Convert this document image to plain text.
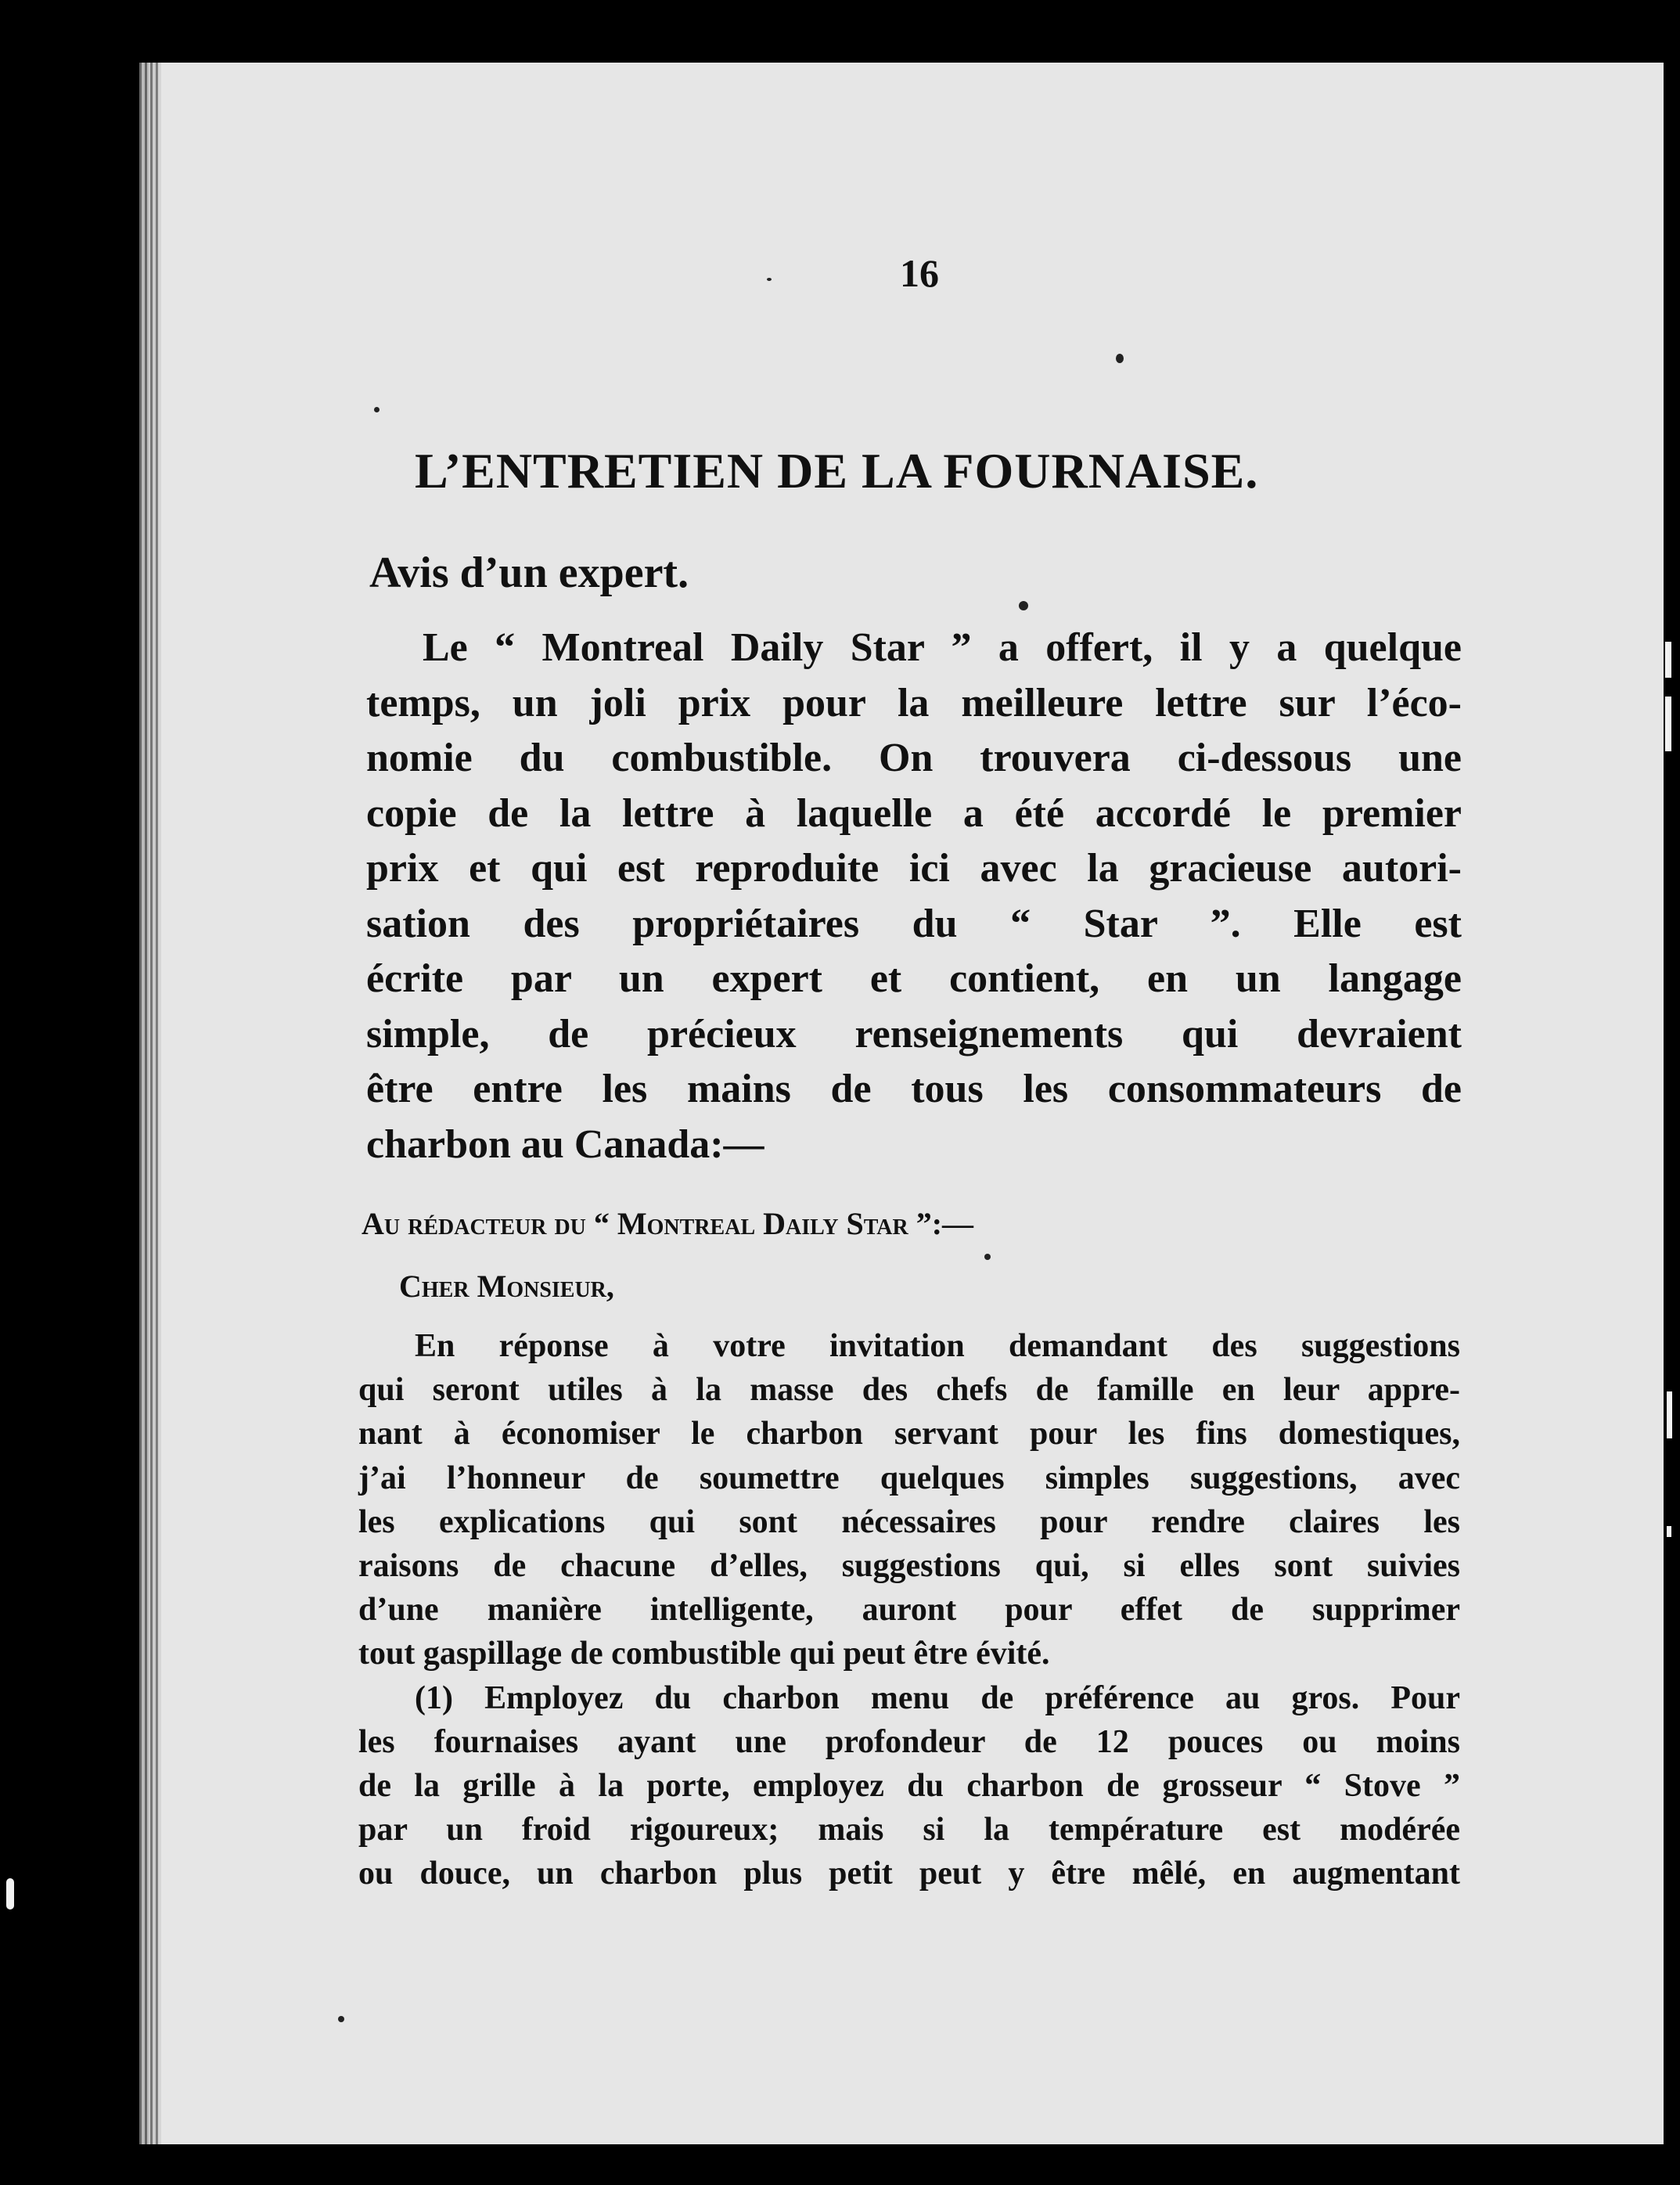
16
L’ENTRETIEN DE LA FOURNAISE.
Avis d’un expert.
Le “ Montreal Daily Star ” a offert, il y a quelque
temps, un joli prix pour la meilleure lettre sur l’éco-
nomie du combustible. On trouvera ci-dessous une
copie de la lettre à laquelle a été accordé le premier
prix et qui est reproduite ici avec la gracieuse autori-
sation des propriétaires du “ Star ”. Elle est
écrite par un expert et contient, en un langage
simple, de précieux renseignements qui devraient
être entre les mains de tous les consommateurs de
charbon au Canada:—
Au rédacteur du “ Montreal Daily Star ”:—
Cher Monsieur,
En réponse à votre invitation demandant des suggestions
qui seront utiles à la masse des chefs de famille en leur appre-
nant à économiser le charbon servant pour les fins domestiques,
j’ai l’honneur de soumettre quelques simples suggestions, avec
les explications qui sont nécessaires pour rendre claires les
raisons de chacune d’elles, suggestions qui, si elles sont suivies
d’une manière intelligente, auront pour effet de supprimer
tout gaspillage de combustible qui peut être évité.
(1) Employez du charbon menu de préférence au gros. Pour
les fournaises ayant une profondeur de 12 pouces ou moins
de la grille à la porte, employez du charbon de grosseur “ Stove ”
par un froid rigoureux; mais si la température est modérée
ou douce, un charbon plus petit peut y être mêlé, en augmentant
